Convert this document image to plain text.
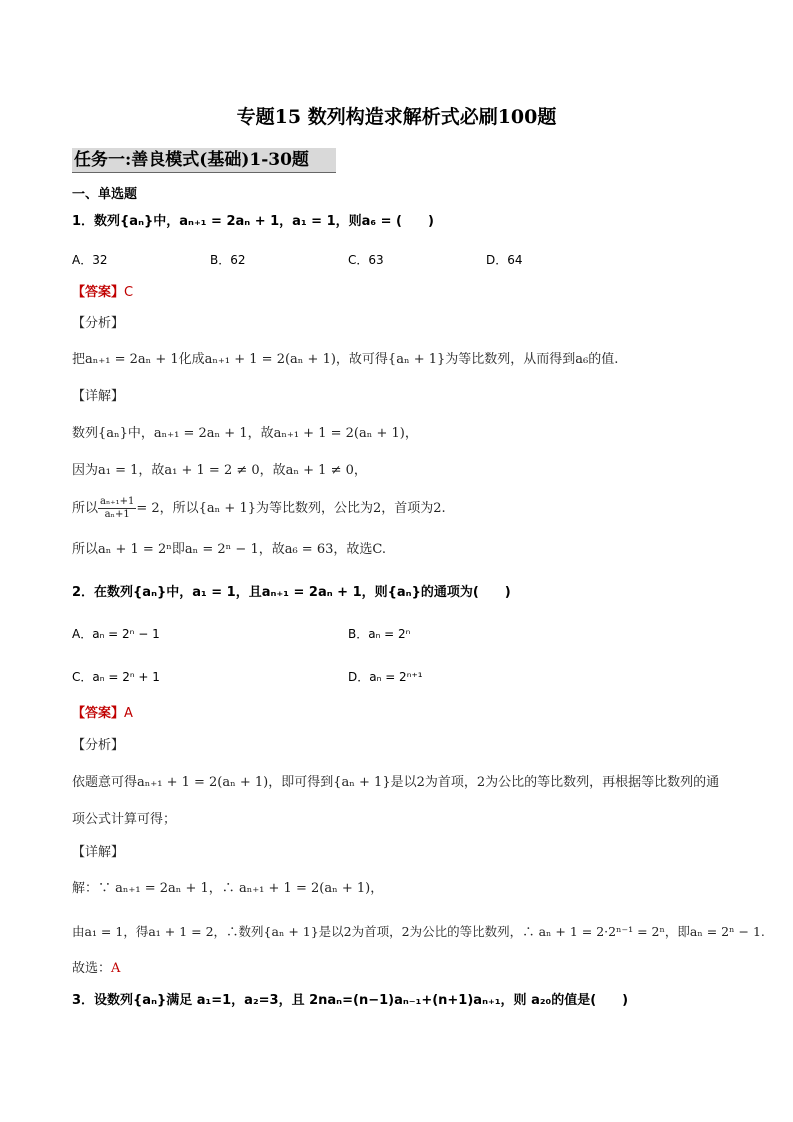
专题15 数列构造求解析式必刷100题
任务一:善良模式(基础)1-30题
一、单选题
1．数列{aₙ}中，aₙ₊₁ = 2aₙ + 1，a₁ = 1，则a₆ = (　　)
A．32	B．62	C．63	D．64
【答案】C
【分析】
把aₙ₊₁ = 2aₙ + 1化成aₙ₊₁ + 1 = 2(aₙ + 1)，故可得{aₙ + 1}为等比数列，从而得到a₆的值.
【详解】
数列{aₙ}中，aₙ₊₁ = 2aₙ + 1，故aₙ₊₁ + 1 = 2(aₙ + 1)，
因为a₁ = 1，故a₁ + 1 = 2 ≠ 0，故aₙ + 1 ≠ 0，
所以 $\frac{\text{aₙ₊₁+1}}{\text{aₙ+1}} = 2$，所以{aₙ + 1}为等比数列，公比为2，首项为2.
所以aₙ + 1 = 2ⁿ即aₙ = 2ⁿ − 1，故a₆ = 63，故选C.
2．在数列{aₙ}中，a₁ = 1，且aₙ₊₁ = 2aₙ + 1，则{aₙ}的通项为(　　)
A．aₙ = 2ⁿ − 1	B．aₙ = 2ⁿ
C．aₙ = 2ⁿ + 1	D．aₙ = 2ⁿ⁺¹
【答案】A
【分析】
依题意可得aₙ₊₁ + 1 = 2(aₙ + 1)，即可得到{aₙ + 1}是以2为首项，2为公比的等比数列，再根据等比数列的通
项公式计算可得；
【详解】
解：∵ aₙ₊₁ = 2aₙ + 1，∴ aₙ₊₁ + 1 = 2(aₙ + 1)，
由a₁ = 1，得a₁ + 1 = 2，∴数列{aₙ + 1}是以2为首项，2为公比的等比数列，∴ aₙ + 1 = 2·2ⁿ⁻¹ = 2ⁿ，即aₙ = 2ⁿ − 1.
故选：A
3．设数列{aₙ}满足 a₁=1，a₂=3，且 2naₙ=(n−1)aₙ₋₁+(n+1)aₙ₊₁，则 a₂₀的值是(　　)
